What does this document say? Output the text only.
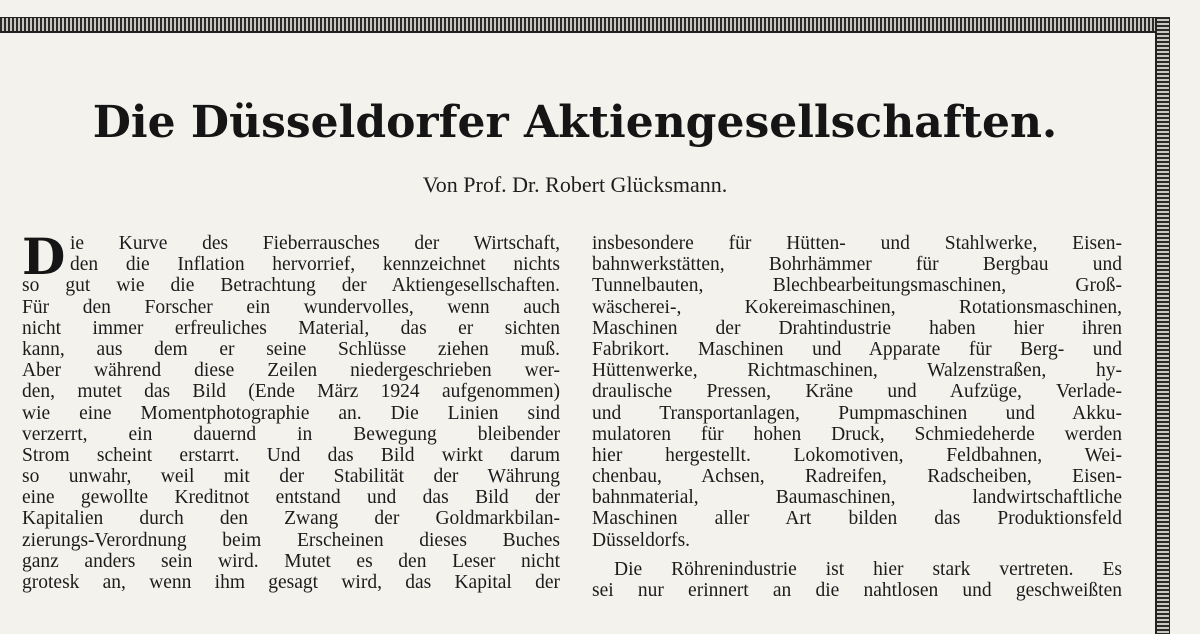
Die Düsseldorfer Aktiengesellschaften.

Von Prof. Dr. Robert Glücksmann.

D ie Kurve des Fieberrausches der Wirtschaft,
den die Inflation hervorrief, kennzeichnet nichts
so gut wie die Betrachtung der Aktiengesellschaften.
Für den Forscher ein wundervolles, wenn auch
nicht immer erfreuliches Material, das er sichten
kann, aus dem er seine Schlüsse ziehen muß.
Aber während diese Zeilen niedergeschrieben wer-
den, mutet das Bild (Ende März 1924 aufgenommen)
wie eine Momentphotographie an. Die Linien sind
verzerrt, ein dauernd in Bewegung bleibender
Strom scheint erstarrt. Und das Bild wirkt darum
so unwahr, weil mit der Stabilität der Währung
eine gewollte Kreditnot entstand und das Bild der
Kapitalien durch den Zwang der Goldmarkbilan-
zierungs-Verordnung beim Erscheinen dieses Buches
ganz anders sein wird. Mutet es den Leser nicht
grotesk an, wenn ihm gesagt wird, das Kapital der
insbesondere für Hütten- und Stahlwerke, Eisen-
bahnwerkstätten, Bohrhämmer für Bergbau und
Tunnelbauten, Blechbearbeitungsmaschinen, Groß-
wäscherei-, Kokereimaschinen, Rotationsmaschinen,
Maschinen der Drahtindustrie haben hier ihren
Fabrikort. Maschinen und Apparate für Berg- und
Hüttenwerke, Richtmaschinen, Walzenstraßen, hy-
draulische Pressen, Kräne und Aufzüge, Verlade-
und Transportanlagen, Pumpmaschinen und Akku-
mulatoren für hohen Druck, Schmiedeherde werden
hier hergestellt. Lokomotiven, Feldbahnen, Wei-
chenbau, Achsen, Radreifen, Radscheiben, Eisen-
bahnmaterial, Baumaschinen, landwirtschaftliche
Maschinen aller Art bilden das Produktionsfeld
Düsseldorfs.
Die Röhrenindustrie ist hier stark vertreten. Es
sei nur erinnert an die nahtlosen und geschweißten
